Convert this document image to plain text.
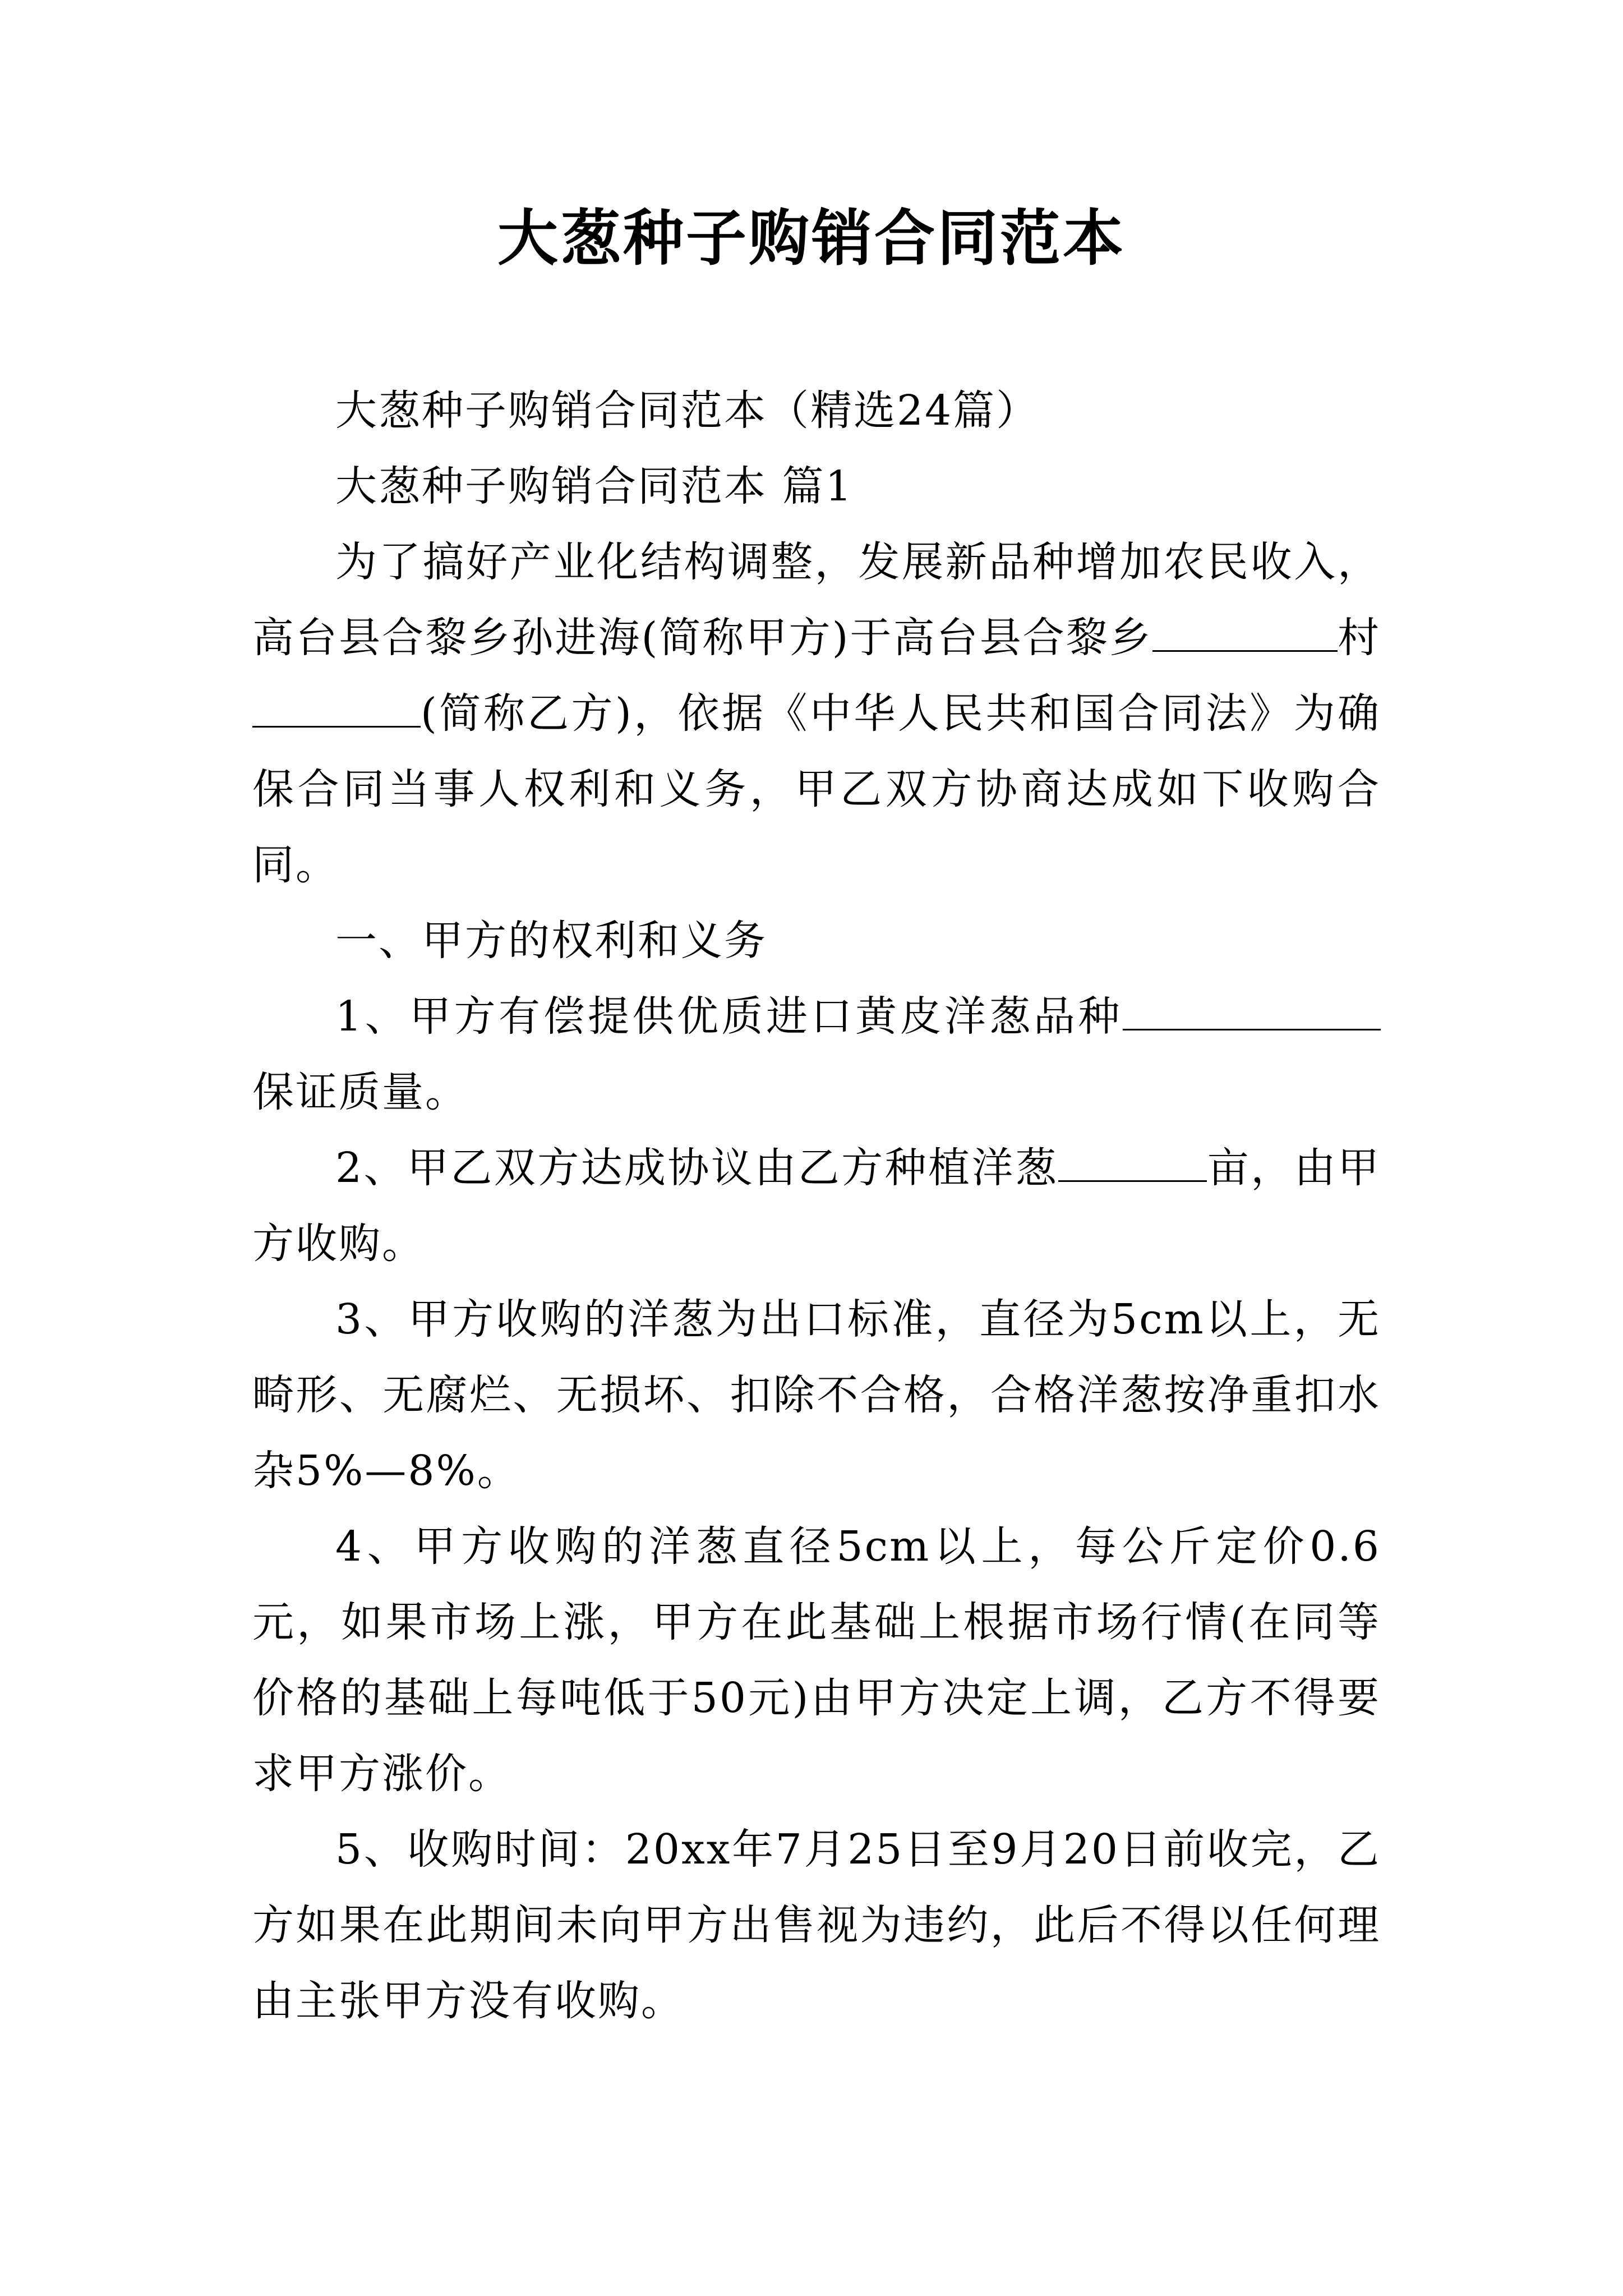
大葱种子购销合同范本

大葱种子购销合同范本（精选24篇）

大葱种子购销合同范本 篇1

为了搞好产业化结构调整，发展新品种增加农民收入，高台县合黎乡孙进海(简称甲方)于高台县合黎乡	村(简称乙方)，依据《中华人民共和国合同法》为确保合同当事人权利和义务，甲乙双方协商达成如下收购合同。

一、甲方的权利和义务

1、甲方有偿提供优质进口黄皮洋葱品种保证质量。

2、甲乙双方达成协议由乙方种植洋葱	亩，由甲方收购。

3、甲方收购的洋葱为出口标准，直径为5cm以上，无畸形、无腐烂、无损坏、扣除不合格，合格洋葱按净重扣水杂5%—8%。

4、甲方收购的洋葱直径5cm以上，每公斤定价0.6元，如果市场上涨，甲方在此基础上根据市场行情(在同等价格的基础上每吨低于50元)由甲方决定上调，乙方不得要求甲方涨价。

5、收购时间：20xx年7月25日至9月20日前收完，乙方如果在此期间未向甲方出售视为违约，此后不得以任何理由主张甲方没有收购。
